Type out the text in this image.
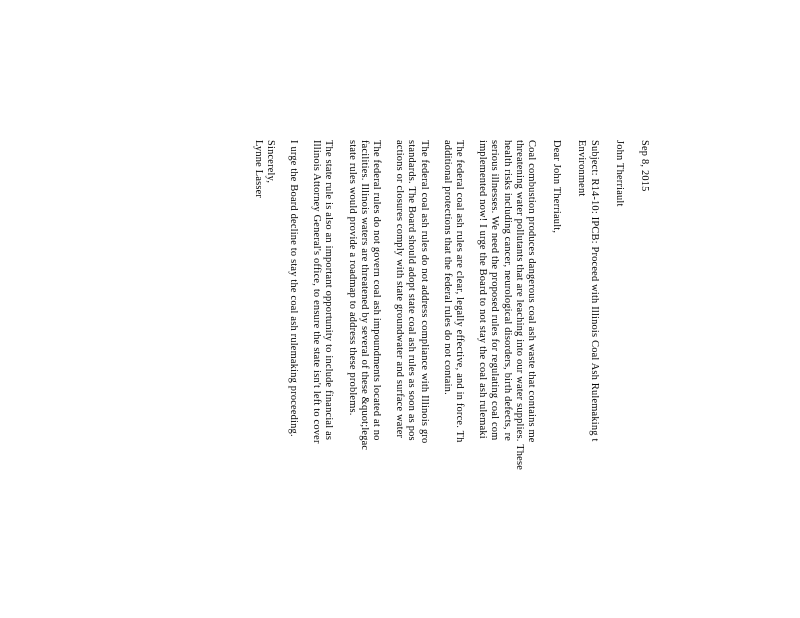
Sep 8, 2015

John Therriault

Subject: R14-10: IPCB: Proceed with Illinois Coal Ash Rulemaking t

Environment

Dear John Therriault,

Coal combustion produces dangerous coal ash waste that contains me
threatening water pollutants that are leaching into our water supplies. These
health risks including cancer, neurological disorders, birth defects, re
serious illnesses. We need the proposed rules for regulating coal com
implemented now! I urge the Board to not stay the coal ash rulemaki
The federal coal ash rules are clear, legally effective, and in force. Th
additional protections that the federal rules do not contain.
The federal coal ash rules do not address compliance with Illinois gro
standards. The Board should adopt state coal ash rules as soon as pos
actions or closures comply with state groundwater and surface water
The federal rules do not govern coal ash impoundments located at no
facilities. Illinois waters are threatened by several of these &quot;legac
state rules would provide a roadmap to address these problems.
The state rule is also an important opportunity to include financial as
Illinois Attorney General's office, to ensure the state isn't left to cover

I urge the Board decline to stay the coal ash rulemaking proceeding.

Sincerely,

Lynne Lasser
